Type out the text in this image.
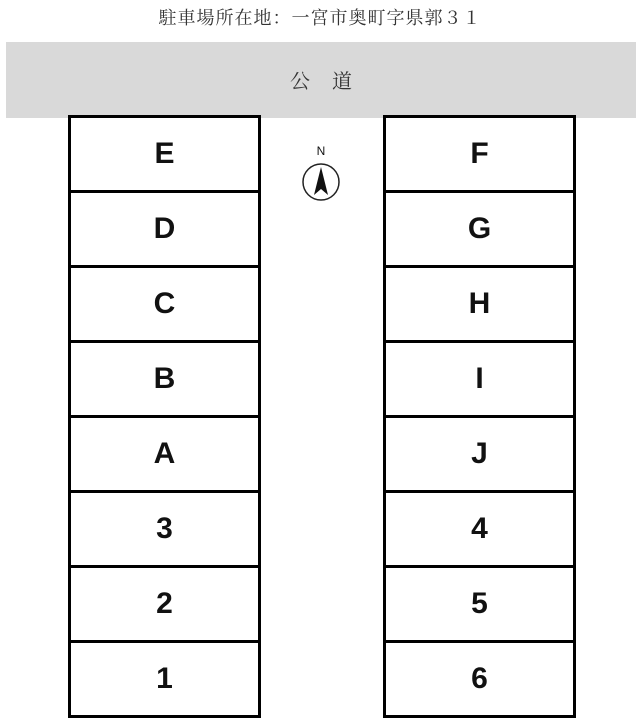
駐車場所在地：一宮市奥町字県郭３１
公道
N
E
D
C
B
A
3
2
1
F
G
H
I
J
4
5
6
